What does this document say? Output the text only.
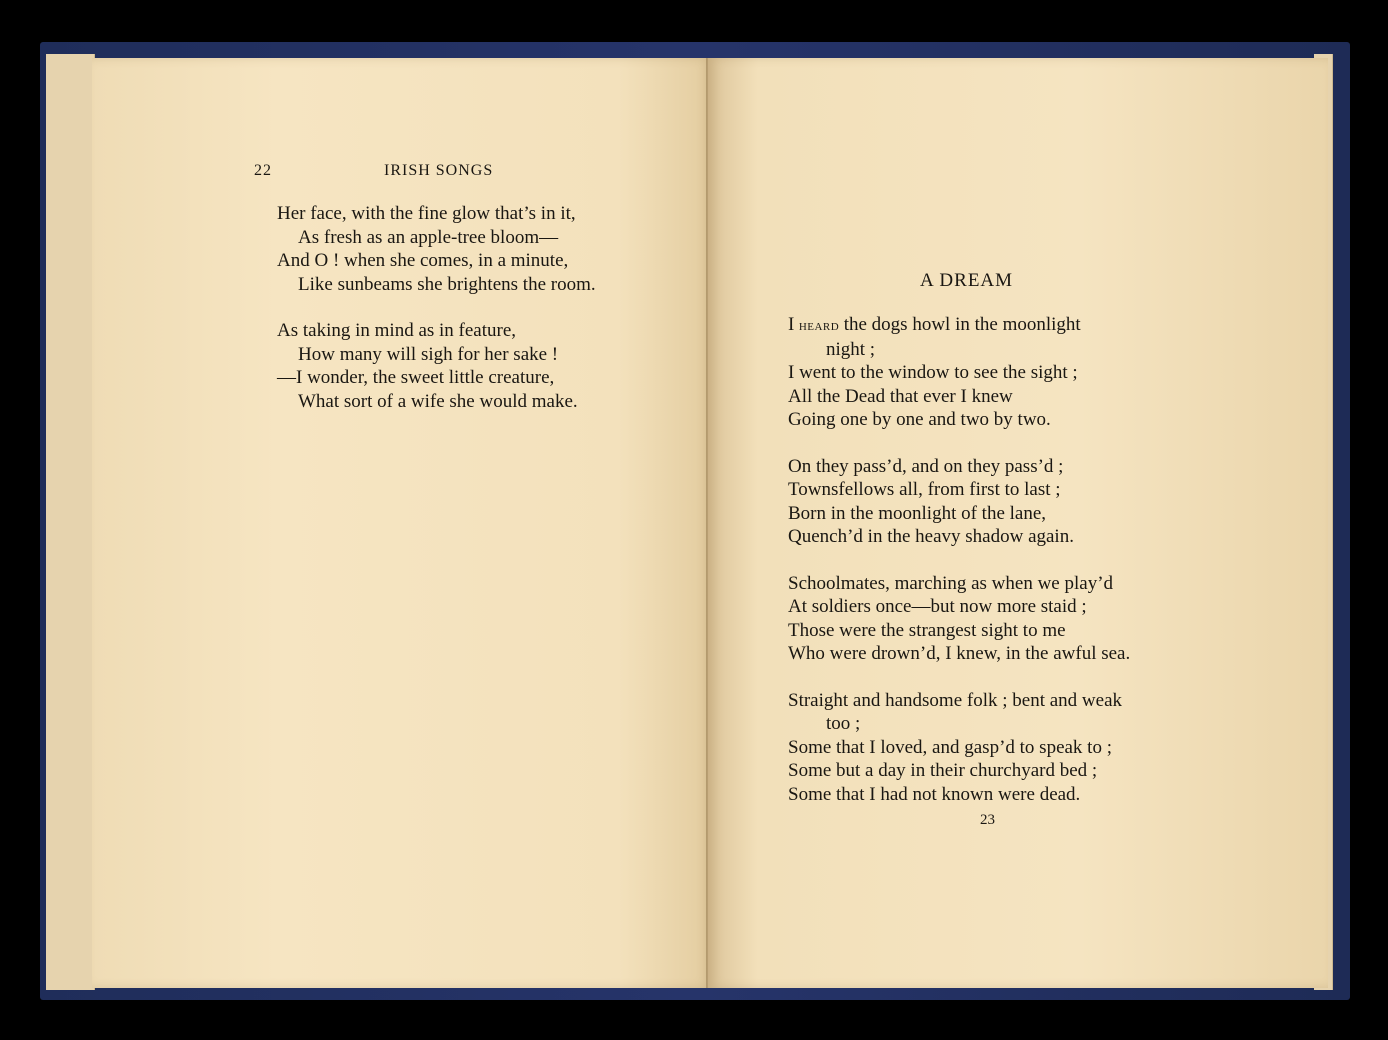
22	IRISH SONGS
Her face, with the fine glow that’s in it,
As fresh as an apple-tree bloom—
And O ! when she comes, in a minute,
Like sunbeams she brightens the room.
As taking in mind as in feature,
How many will sigh for her sake !
—I wonder, the sweet little creature,
What sort of a wife she would make.
A DREAM
I heard the dogs howl in the moonlight
night ;
I went to the window to see the sight ;
All the Dead that ever I knew
Going one by one and two by two.
On they pass’d, and on they pass’d ;
Townsfellows all, from first to last ;
Born in the moonlight of the lane,
Quench’d in the heavy shadow again.
Schoolmates, marching as when we play’d
At soldiers once—but now more staid ;
Those were the strangest sight to me
Who were drown’d, I knew, in the awful sea.
Straight and handsome folk ; bent and weak
too ;
Some that I loved, and gasp’d to speak to ;
Some but a day in their churchyard bed ;
Some that I had not known were dead.
23
